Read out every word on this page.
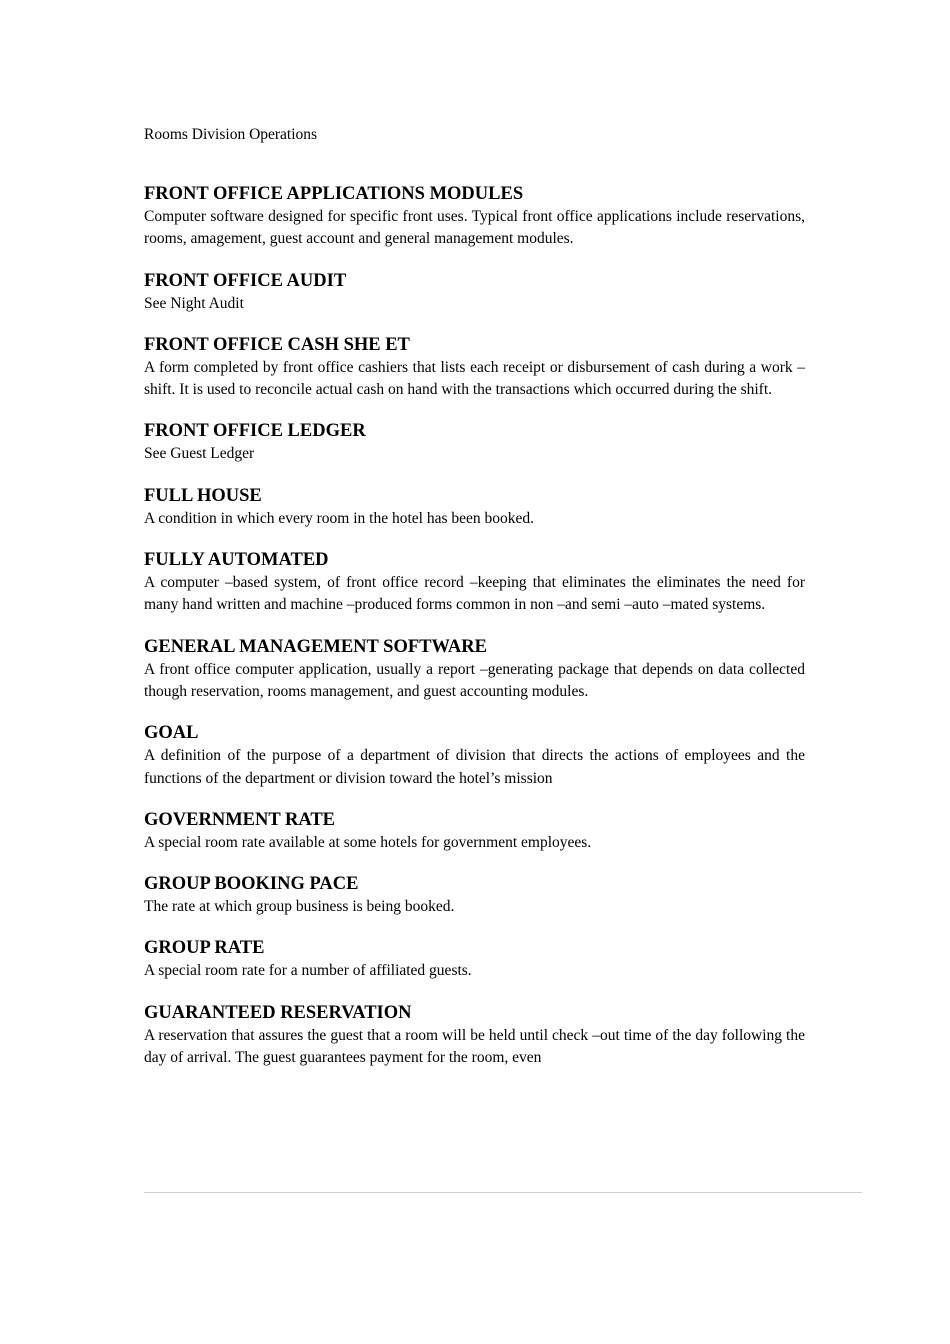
Rooms Division Operations
FRONT OFFICE APPLICATIONS MODULES

Computer software designed for specific front uses. Typical front office applications include reservations, rooms, amagement, guest account and general management modules.

FRONT OFFICE AUDIT

See Night Audit

FRONT OFFICE CASH SHE ET

A form completed by front office cashiers that lists each receipt or disbursement of cash during a work –shift. It is used to reconcile actual cash on hand with the transactions which occurred during the shift.

FRONT OFFICE LEDGER

See Guest Ledger

FULL HOUSE

A condition in which every room in the hotel has been booked.

FULLY AUTOMATED

A computer –based system, of front office record –keeping that eliminates the eliminates the need for many hand written and machine –produced forms common in non –and semi –auto –mated systems.

GENERAL MANAGEMENT SOFTWARE

A front office computer application, usually a report –generating package that depends on data collected though reservation, rooms management, and guest accounting modules.

GOAL

A definition of the purpose of a department of division that directs the actions of employees and the functions of the department or division toward the hotel’s mission

GOVERNMENT RATE

A special room rate available at some hotels for government employees.

GROUP BOOKING PACE

The rate at which group business is being booked.

GROUP RATE

A special room rate for a number of affiliated guests.

GUARANTEED RESERVATION

A reservation that assures the guest that a room will be held until check –out time of the day following the day of arrival. The guest guarantees payment for the room, even
